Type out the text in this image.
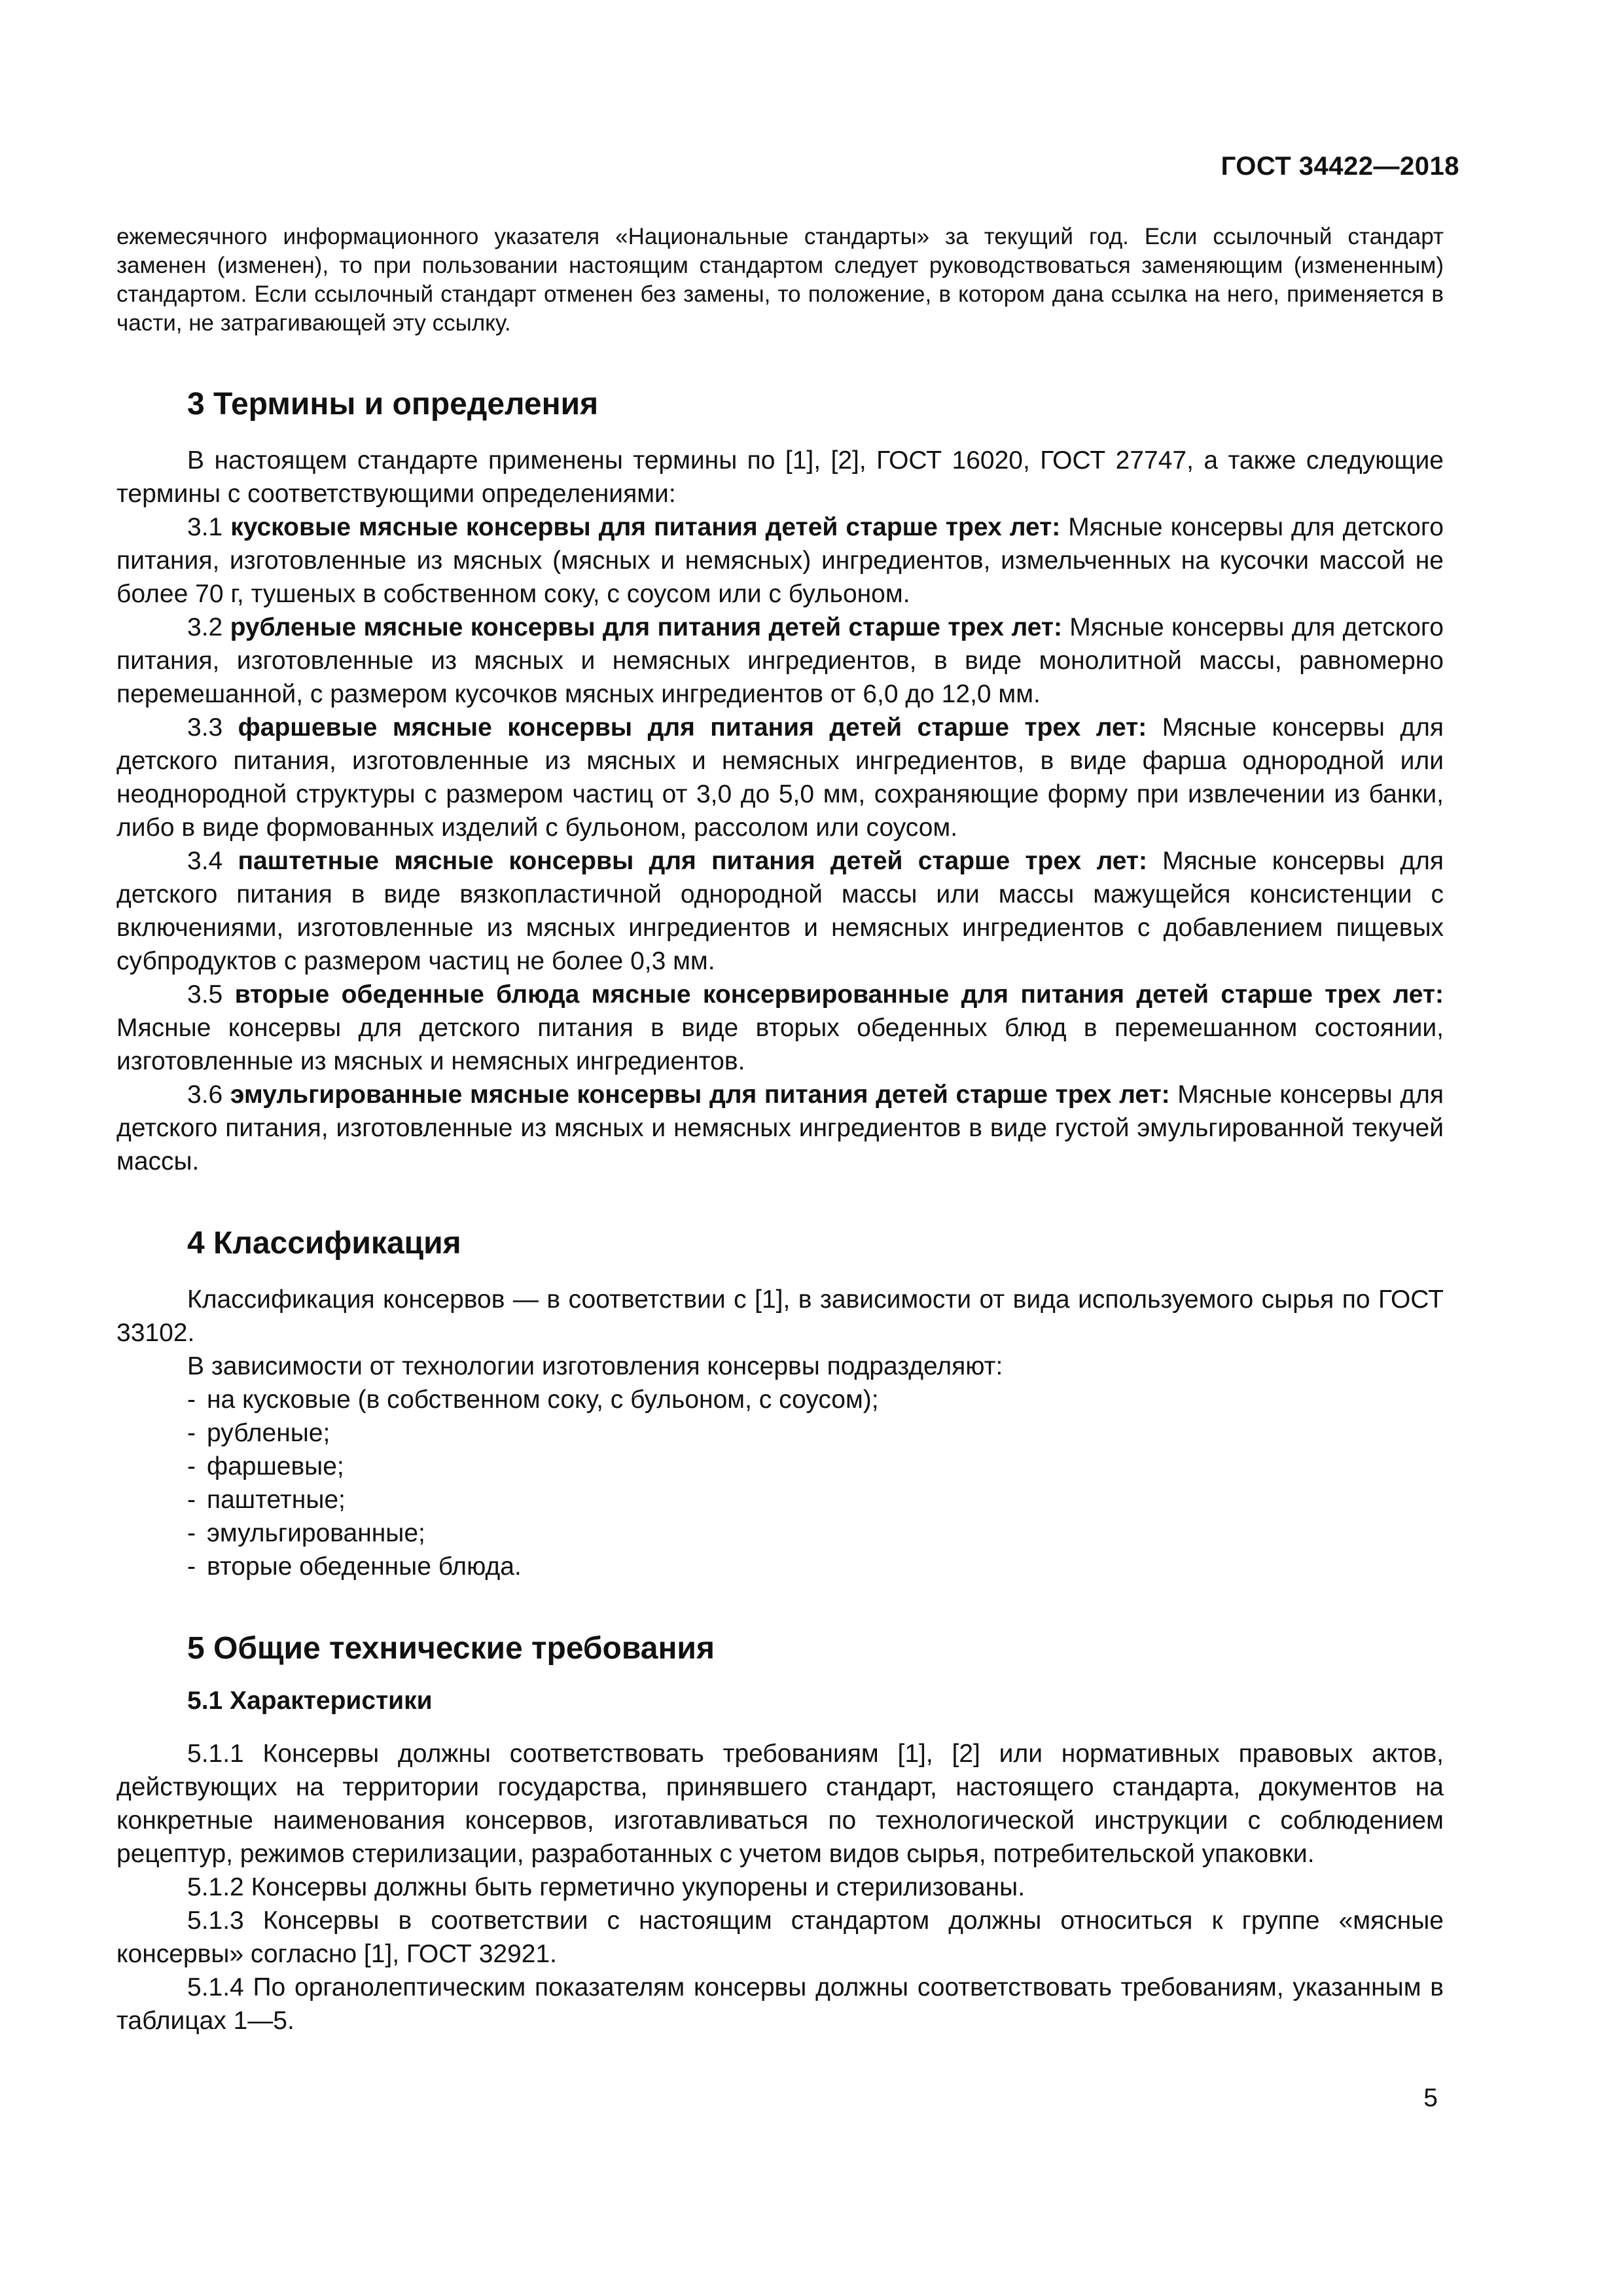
ГОСТ 34422—2018

ежемесячного информационного указателя «Национальные стандарты» за текущий год. Если ссылочный стандарт заменен (изменен), то при пользовании настоящим стандартом следует руководствоваться заменяющим (измененным) стандартом. Если ссылочный стандарт отменен без замены, то положение, в котором дана ссылка на него, применяется в части, не затрагивающей эту ссылку.

3 Термины и определения

В настоящем стандарте применены термины по [1], [2], ГОСТ 16020, ГОСТ 27747, а также следующие термины с соответствующими определениями:

3.1 кусковые мясные консервы для питания детей старше трех лет: Мясные консервы для детского питания, изготовленные из мясных (мясных и немясных) ингредиентов, измельченных на кусочки массой не более 70 г, тушеных в собственном соку, с соусом или с бульоном.

3.2 рубленые мясные консервы для питания детей старше трех лет: Мясные консервы для детского питания, изготовленные из мясных и немясных ингредиентов, в виде монолитной массы, равномерно перемешанной, с размером кусочков мясных ингредиентов от 6,0 до 12,0 мм.

3.3 фаршевые мясные консервы для питания детей старше трех лет: Мясные консервы для детского питания, изготовленные из мясных и немясных ингредиентов, в виде фарша однородной или неоднородной структуры с размером частиц от 3,0 до 5,0 мм, сохраняющие форму при извлечении из банки, либо в виде формованных изделий с бульоном, рассолом или соусом.

3.4 паштетные мясные консервы для питания детей старше трех лет: Мясные консервы для детского питания в виде вязкопластичной однородной массы или массы мажущейся консистенции с включениями, изготовленные из мясных ингредиентов и немясных ингредиентов с добавлением пищевых субпродуктов с размером частиц не более 0,3 мм.

3.5 вторые обеденные блюда мясные консервированные для питания детей старше трех лет: Мясные консервы для детского питания в виде вторых обеденных блюд в перемешанном состоянии, изготовленные из мясных и немясных ингредиентов.

3.6 эмульгированные мясные консервы для питания детей старше трех лет: Мясные консервы для детского питания, изготовленные из мясных и немясных ингредиентов в виде густой эмульгированной текучей массы.

4 Классификация

Классификация консервов — в соответствии с [1], в зависимости от вида используемого сырья по ГОСТ 33102.

В зависимости от технологии изготовления консервы подразделяют:

- на кусковые (в собственном соку, с бульоном, с соусом);
- рубленые;
- фаршевые;
- паштетные;
- эмульгированные;
- вторые обеденные блюда.
5 Общие технические требования
5.1 Характеристики

5.1.1 Консервы должны соответствовать требованиям [1], [2] или нормативных правовых актов, действующих на территории государства, принявшего стандарт, настоящего стандарта, документов на конкретные наименования консервов, изготавливаться по технологической инструкции с соблюдением рецептур, режимов стерилизации, разработанных с учетом видов сырья, потребительской упаковки.

5.1.2 Консервы должны быть герметично укупорены и стерилизованы.

5.1.3 Консервы в соответствии с настоящим стандартом должны относиться к группе «мясные консервы» согласно [1], ГОСТ 32921.

5.1.4 По органолептическим показателям консервы должны соответствовать требованиям, указанным в таблицах 1—5.

5
